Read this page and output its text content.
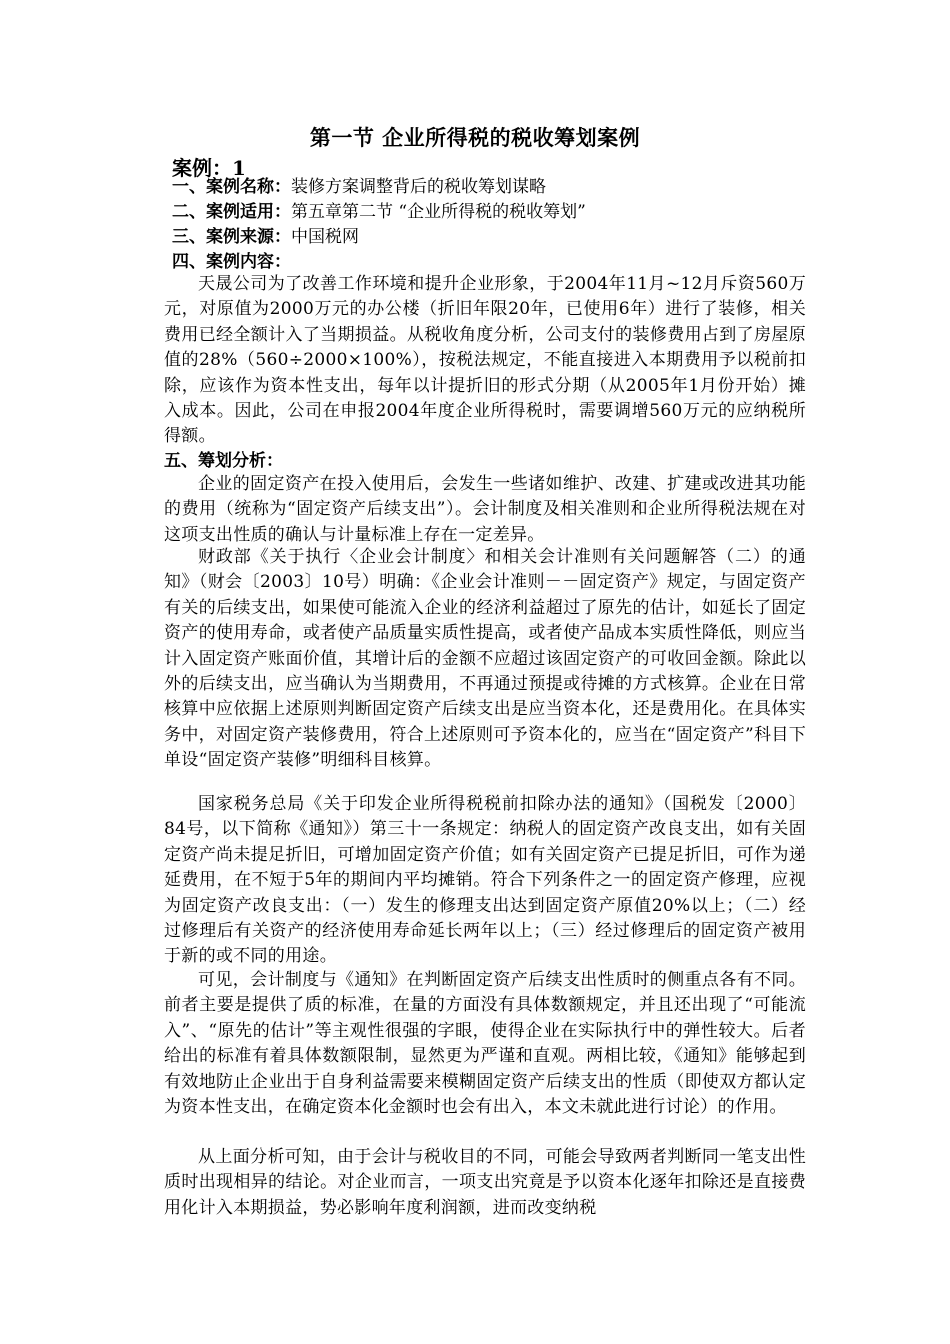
第一节 企业所得税的税收筹划案例
案例：1
一、案例名称：装修方案调整背后的税收筹划谋略
二、案例适用：第五章第二节 “企业所得税的税收筹划”
三、案例来源：中国税网
四、案例内容：

天晟公司为了改善工作环境和提升企业形象，于2004年11月~12月斥资560万元，对原值为2000万元的办公楼（折旧年限20年，已使用6年）进行了装修，相关费用已经全额计入了当期损益。从税收角度分析，公司支付的装修费用占到了房屋原值的28%（560÷2000×100%），按税法规定，不能直接进入本期费用予以税前扣除，应该作为资本性支出，每年以计提折旧的形式分期（从2005年1月份开始）摊入成本。因此，公司在申报2004年度企业所得税时，需要调增560万元的应纳税所得额。

五、筹划分析：

企业的固定资产在投入使用后，会发生一些诸如维护、改建、扩建或改进其功能的费用（统称为“固定资产后续支出”）。会计制度及相关准则和企业所得税法规在对这项支出性质的确认与计量标准上存在一定差异。

财政部《关于执行〈企业会计制度〉和相关会计准则有关问题解答（二）的通知》（财会〔2003〕10号）明确：《企业会计准则－－固定资产》规定，与固定资产有关的后续支出，如果使可能流入企业的经济利益超过了原先的估计，如延长了固定资产的使用寿命，或者使产品质量实质性提高，或者使产品成本实质性降低，则应当计入固定资产账面价值，其增计后的金额不应超过该固定资产的可收回金额。除此以外的后续支出，应当确认为当期费用，不再通过预提或待摊的方式核算。企业在日常核算中应依据上述原则判断固定资产后续支出是应当资本化，还是费用化。在具体实务中，对固定资产装修费用，符合上述原则可予资本化的，应当在“固定资产”科目下单设“固定资产装修”明细科目核算。

国家税务总局《关于印发企业所得税税前扣除办法的通知》（国税发〔2000〕84号，以下简称《通知》）第三十一条规定：纳税人的固定资产改良支出，如有关固定资产尚未提足折旧，可增加固定资产价值；如有关固定资产已提足折旧，可作为递延费用，在不短于5年的期间内平均摊销。符合下列条件之一的固定资产修理，应视为固定资产改良支出：（一）发生的修理支出达到固定资产原值20%以上；（二）经过修理后有关资产的经济使用寿命延长两年以上；（三）经过修理后的固定资产被用于新的或不同的用途。

可见，会计制度与《通知》在判断固定资产后续支出性质时的侧重点各有不同。前者主要是提供了质的标准，在量的方面没有具体数额规定，并且还出现了“可能流入”、“原先的估计”等主观性很强的字眼，使得企业在实际执行中的弹性较大。后者给出的标准有着具体数额限制，显然更为严谨和直观。两相比较，《通知》能够起到有效地防止企业出于自身利益需要来模糊固定资产后续支出的性质（即使双方都认定为资本性支出，在确定资本化金额时也会有出入，本文未就此进行讨论）的作用。

从上面分析可知，由于会计与税收目的不同，可能会导致两者判断同一笔支出性质时出现相异的结论。对企业而言，一项支出究竟是予以资本化逐年扣除还是直接费用化计入本期损益，势必影响年度利润额，进而改变纳税
